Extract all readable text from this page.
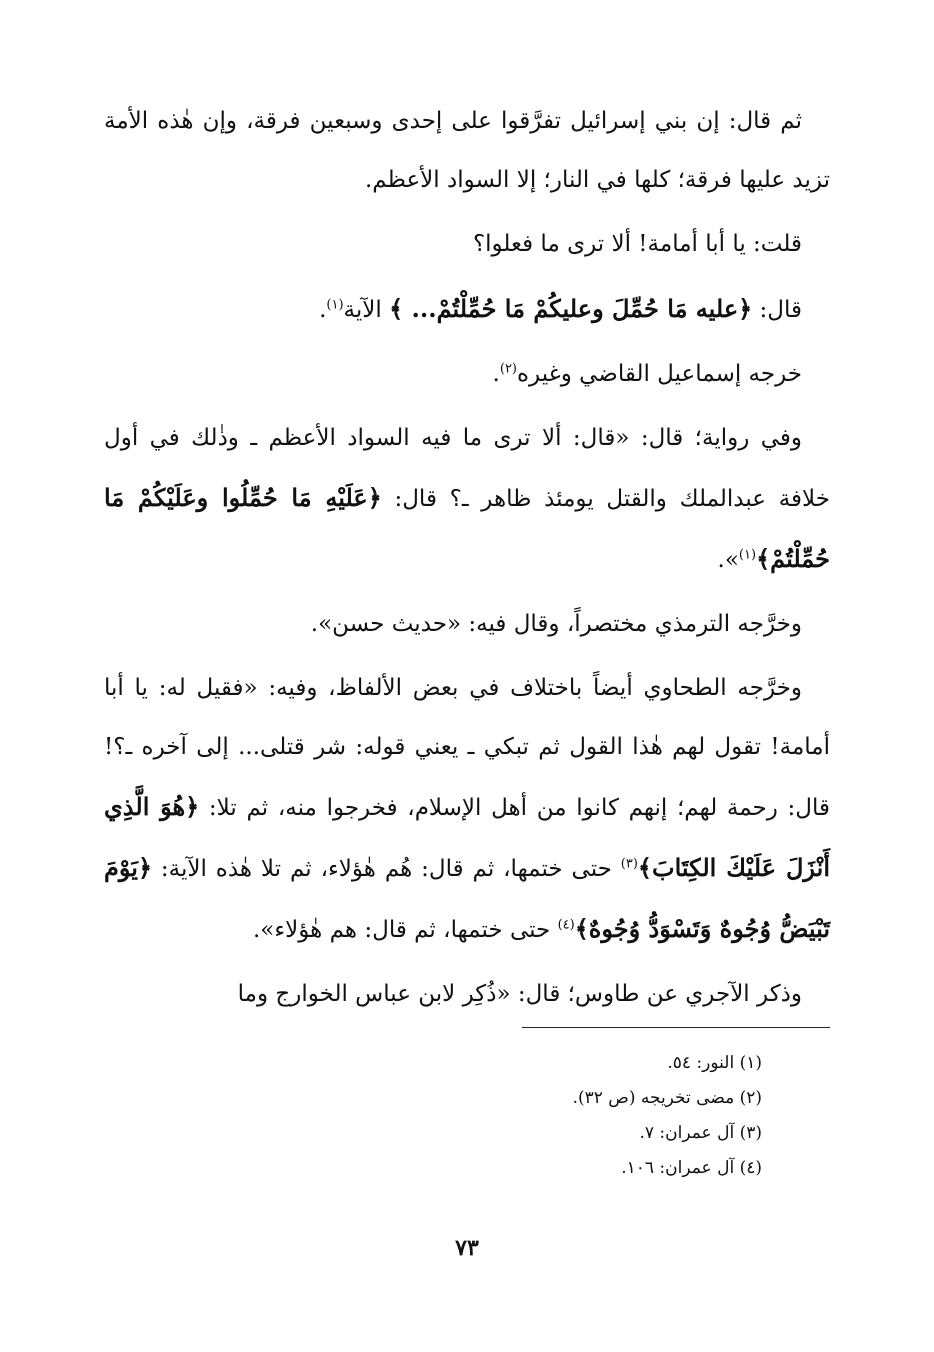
ثم قال: إن بني إسرائيل تفرَّقوا على إحدى وسبعين فرقة، وإن هٰذه الأمة تزيد عليها فرقة؛ كلها في النار؛ إلا السواد الأعظم.

قلت: يا أبا أمامة! ألا ترى ما فعلوا؟

قال: ﴿عليه مَا حُمِّلَ وعليكُمْ مَا حُمِّلْتُمْ... ﴾ الآية$^{(١)}$.

خرجه إسماعيل القاضي وغيره$^{(٢)}$.

وفي رواية؛ قال: «قال: ألا ترى ما فيه السواد الأعظم ـ وذٰلك في أول خلافة عبدالملك والقتل يومئذ ظاهر ـ؟ قال: ﴿عَلَيْهِ مَا حُمِّلُوا وعَلَيْكُمْ مَا حُمِّلْتُمْ﴾$^{(١)}$».

وخرَّجه الترمذي مختصراً، وقال فيه: «حديث حسن».

وخرَّجه الطحاوي أيضاً باختلاف في بعض الألفاظ، وفيه: «فقيل له: يا أبا أمامة! تقول لهم هٰذا القول ثم تبكي ـ يعني قوله: شر قتلى... إلى آخره ـ؟! قال: رحمة لهم؛ إنهم كانوا من أهل الإسلام، فخرجوا منه، ثم تلا: ﴿هُوَ الَّذِي أَنْزَلَ عَلَيْكَ الكِتَابَ﴾$^{(٣)}$ حتى ختمها، ثم قال: هُم هٰؤلاء، ثم تلا هٰذه الآية: ﴿يَوْمَ تَبْيَضُّ وُجُوهٌ وَتَسْوَدُّ وُجُوهٌ﴾$^{(٤)}$ حتى ختمها، ثم قال: هم هٰؤلاء».

وذكر الآجري عن طاوس؛ قال: «ذُكِر لابن عباس الخوارج وما

(١) النور: ٥٤.
(٢) مضى تخريجه (ص ٣٢).
(٣) آل عمران: ٧.
(٤) آل عمران: ١٠٦.
٧٣
